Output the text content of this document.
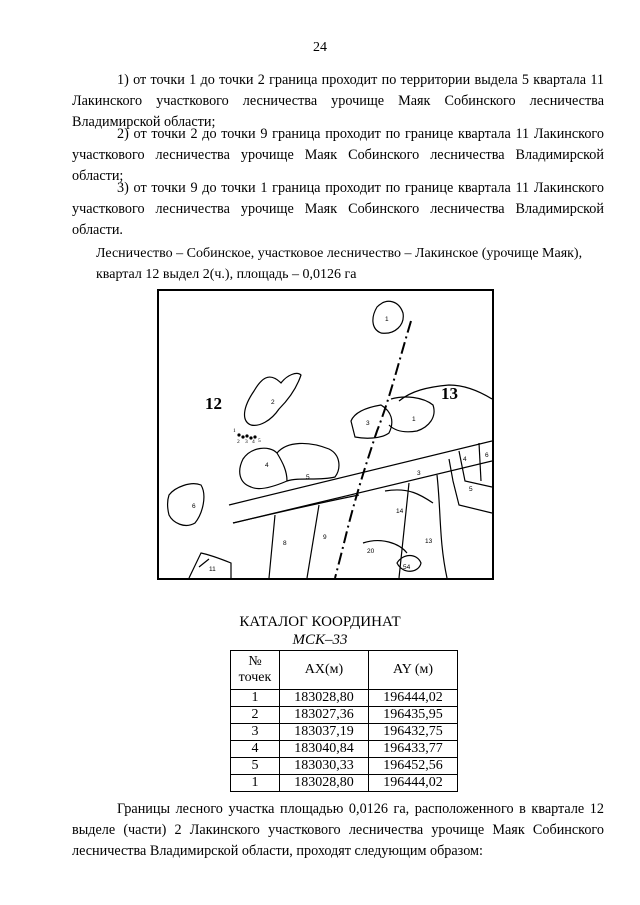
24
1) от точки 1 до точки 2 граница проходит по территории выдела 5 квартала 11 Лакинского участкового лесничества урочище Маяк Собинского лесничества Владимирской области;
2) от точки 2 до точки 9 граница проходит по границе квартала 11 Лакинского участкового лесничества урочище Маяк Собинского лесничества Владимирской области;
3) от точки 9 до точки 1 граница проходит по границе квартала 11 Лакинского участкового лесничества урочище Маяк Собинского лесничества Владимирской области.
Лесничество – Собинское, участковое лесничество – Лакинское (урочище Маяк), квартал 12 выдел 2(ч.), площадь – 0,0126 га
1
2 3 4 5
12
13
1
2
3
1
4
5
3
4
6
5
6
8
9
14
13
20
54
11
КАТАЛОГ КООРДИНАТ
МСК–33
№ точек	AX(м)	AY (м)
1	183028,80	196444,02
2	183027,36	196435,95
3	183037,19	196432,75
4	183040,84	196433,77
5	183030,33	196452,56
1	183028,80	196444,02
Границы лесного участка площадью 0,0126 га, расположенного в квартале 12 выделе (части) 2 Лакинского участкового лесничества урочище Маяк Собинского лесничества Владимирской области, проходят следующим образом:
